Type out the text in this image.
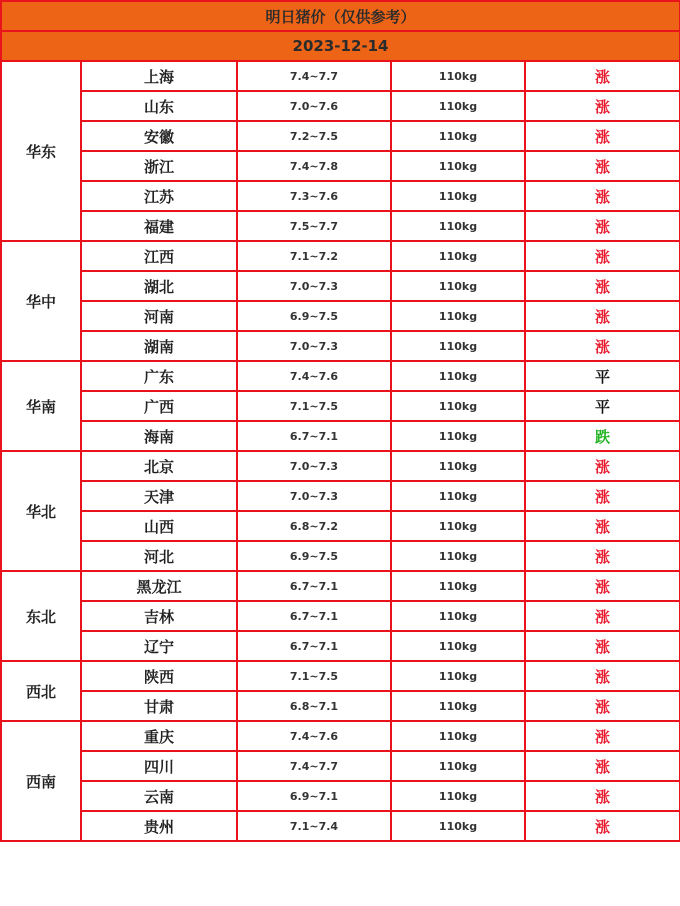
明日猪价（仅供参考）				
2023-12-14				
华东	上海	7.4~7.7	110kg	涨
	山东	7.0~7.6	110kg	涨
	安徽	7.2~7.5	110kg	涨
	浙江	7.4~7.8	110kg	涨
	江苏	7.3~7.6	110kg	涨
	福建	7.5~7.7	110kg	涨
华中	江西	7.1~7.2	110kg	涨
	湖北	7.0~7.3	110kg	涨
	河南	6.9~7.5	110kg	涨
	湖南	7.0~7.3	110kg	涨
华南	广东	7.4~7.6	110kg	平
	广西	7.1~7.5	110kg	平
	海南	6.7~7.1	110kg	跌
华北	北京	7.0~7.3	110kg	涨
	天津	7.0~7.3	110kg	涨
	山西	6.8~7.2	110kg	涨
	河北	6.9~7.5	110kg	涨
东北	黑龙江	6.7~7.1	110kg	涨
	吉林	6.7~7.1	110kg	涨
	辽宁	6.7~7.1	110kg	涨
西北	陕西	7.1~7.5	110kg	涨
	甘肃	6.8~7.1	110kg	涨
西南	重庆	7.4~7.6	110kg	涨
	四川	7.4~7.7	110kg	涨
	云南	6.9~7.1	110kg	涨
	贵州	7.1~7.4	110kg	涨
